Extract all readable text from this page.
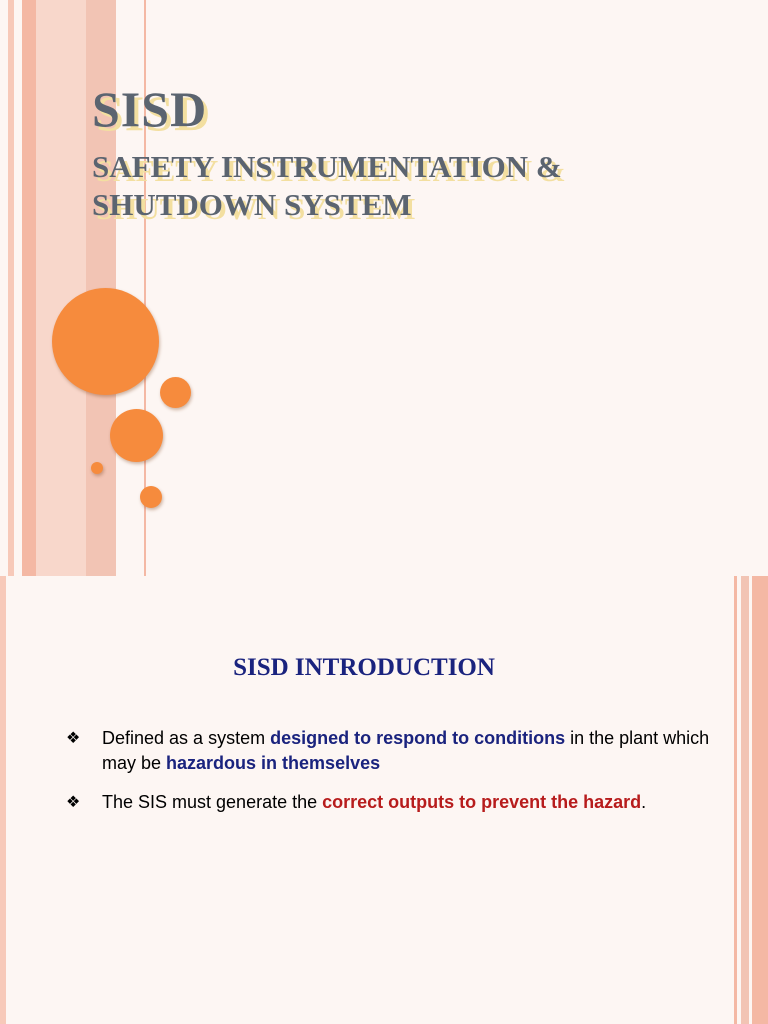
SISD
SAFETY INSTRUMENTATION & SHUTDOWN SYSTEM
SISD INTRODUCTION
❖ Defined as a system designed to respond to conditions in the plant which may be hazardous in themselves
❖ The SIS must generate the correct outputs to prevent the hazard.
